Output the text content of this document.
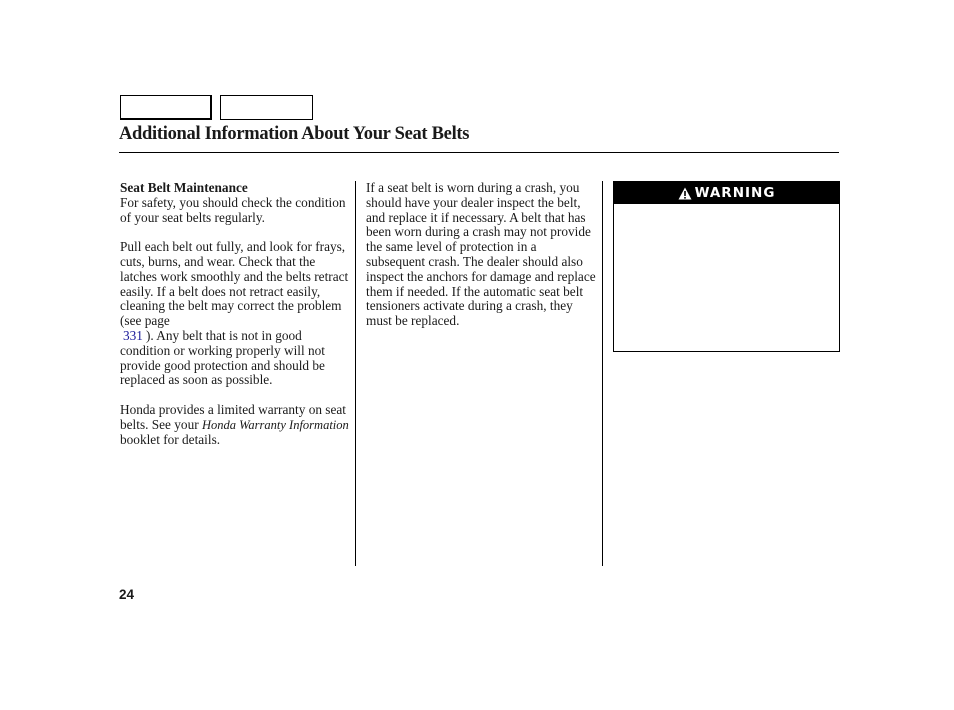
Additional Information About Your Seat Belts
Seat Belt Maintenance

For safety, you should check the condition of your seat belts regularly.

Pull each belt out fully, and look for frays, cuts, burns, and wear. Check that the latches work smoothly and the belts retract easily. If a belt does not retract easily, cleaning the belt may correct the problem (see page
331 ). Any belt that is not in good condition or working properly will not provide good protection and should be replaced as soon as possible.

Honda provides a limited warranty on seat belts. See your Honda Warranty Information booklet for details.

If a seat belt is worn during a crash, you should have your dealer inspect the belt, and replace it if necessary. A belt that has been worn during a crash may not provide the same level of protection in a subsequent crash. The dealer should also inspect the anchors for damage and replace them if needed. If the automatic seat belt tensioners activate during a crash, they must be replaced.

WARNING
24
